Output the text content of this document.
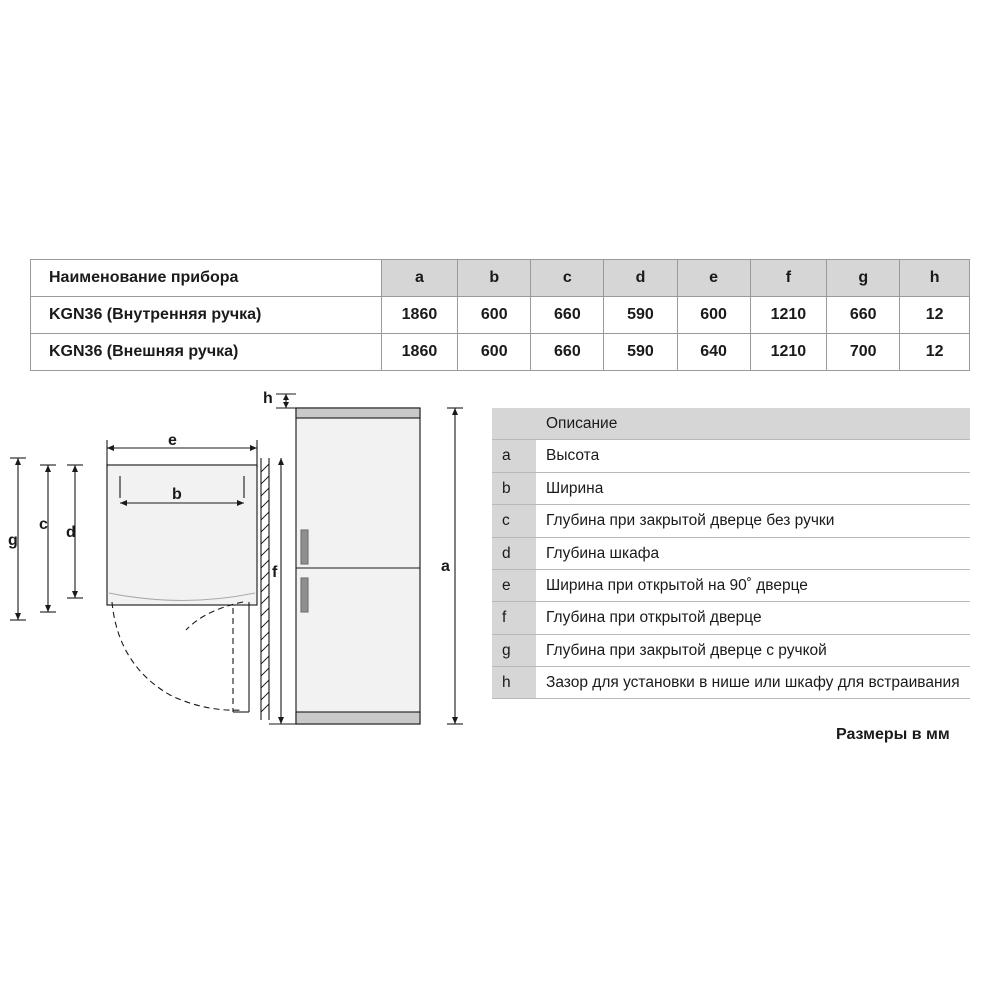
Наименование прибора	a	b	c	d	e	f	g	h
KGN36 (Внутренняя ручка)	1860	600	660	590	600	1210	660	12
KGN36 (Внешняя ручка)	1860	600	660	590	640	1210	700	12
	Описание
a	Высота
b	Ширина
c	Глубина при закрытой дверце без ручки
d	Глубина шкафа
e	Ширина при открытой на 90˚ дверце
f	Глубина при открытой дверце
g	Глубина при закрытой дверце с ручкой
h	Зазор для установки в нише или шкафу для встраивания
Размеры в мм
g
c d
e
b
h
f	a
